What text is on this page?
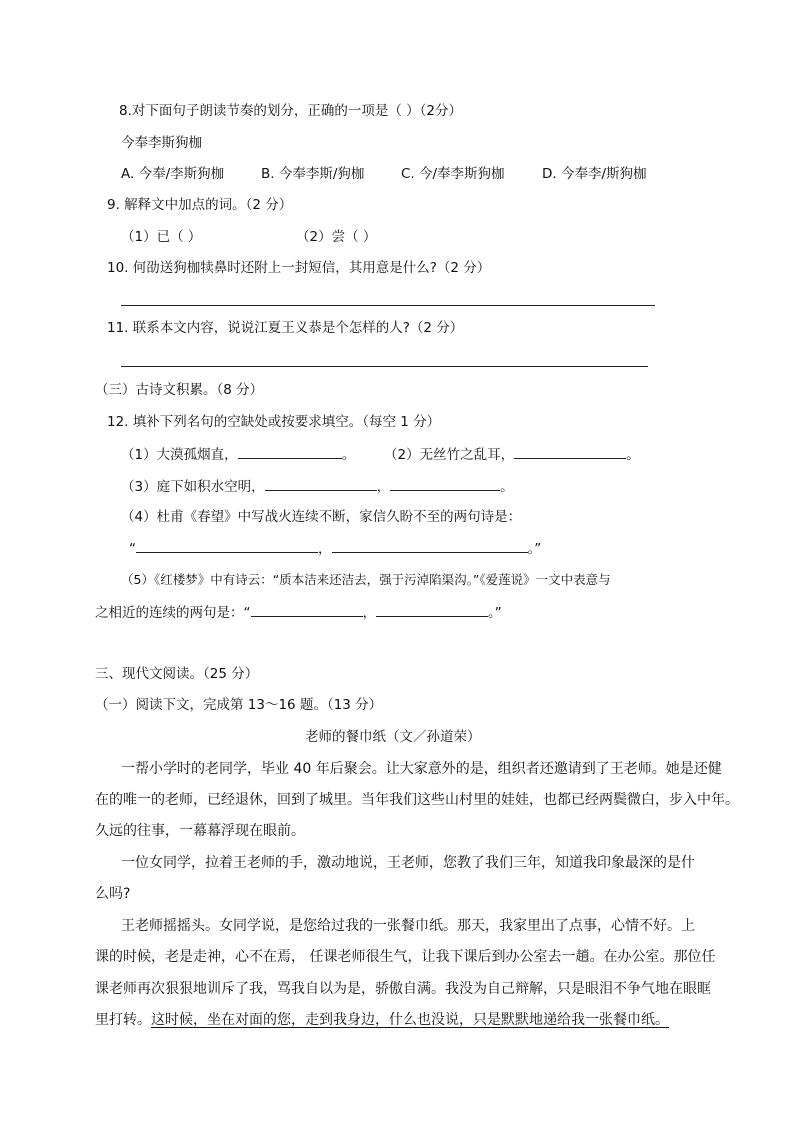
8.对下面句子朗读节奏的划分，正确的一项是（ ）（2分）
今奉李斯狗枷
A. 今奉/李斯狗枷	B. 今奉李斯/狗枷	C. 今/奉李斯狗枷	D. 今奉李/斯狗枷
9. 解释文中加点的词。（2 分）
（1）已（ ）	（2）尝（ ）
10. 何劭送狗枷犊鼻时还附上一封短信，其用意是什么?（2 分）
11. 联系本文内容，说说江夏王义恭是个怎样的人?（2 分）
（三）古诗文积累。（8 分）
12. 填补下列名句的空缺处或按要求填空。（每空 1 分）
（1）大漠孤烟直，	。 （2）无丝竹之乱耳，	。
（3）庭下如积水空明，	，	。
（4）杜甫《春望》中写战火连续不断，家信久盼不至的两句诗是：
“	，	。”
（5）《红楼梦》中有诗云：“质本洁来还洁去，强于污淖陷渠沟。”《爱莲说》一文中表意与
之相近的连续的两句是：“	，	。”
三、现代文阅读。（25 分）
（一）阅读下文，完成第 13～16 题。（13 分）
老师的餐巾纸（文／孙道荣）
一帮小学时的老同学，毕业 40 年后聚会。让大家意外的是，组织者还邀请到了王老师。她是还健
在的唯一的老师，已经退休，回到了城里。当年我们这些山村里的娃娃，也都已经两鬓微白，步入中年。
久远的往事，一幕幕浮现在眼前。
一位女同学，拉着王老师的手，激动地说，王老师，您教了我们三年，知道我印象最深的是什
么吗?
王老师摇摇头。女同学说，是您给过我的一张餐巾纸。那天，我家里出了点事，心情不好。上
课的时候，老是走神，心不在焉， 任课老师很生气，让我下课后到办公室去一趟。在办公室。那位任
课老师再次狠狠地训斥了我，骂我自以为是，骄傲自满。我没为自己辩解，只是眼泪不争气地在眼眶
里打转。这时候，坐在对面的您，走到我身边，什么也没说，只是默默地递给我一张餐巾纸。
